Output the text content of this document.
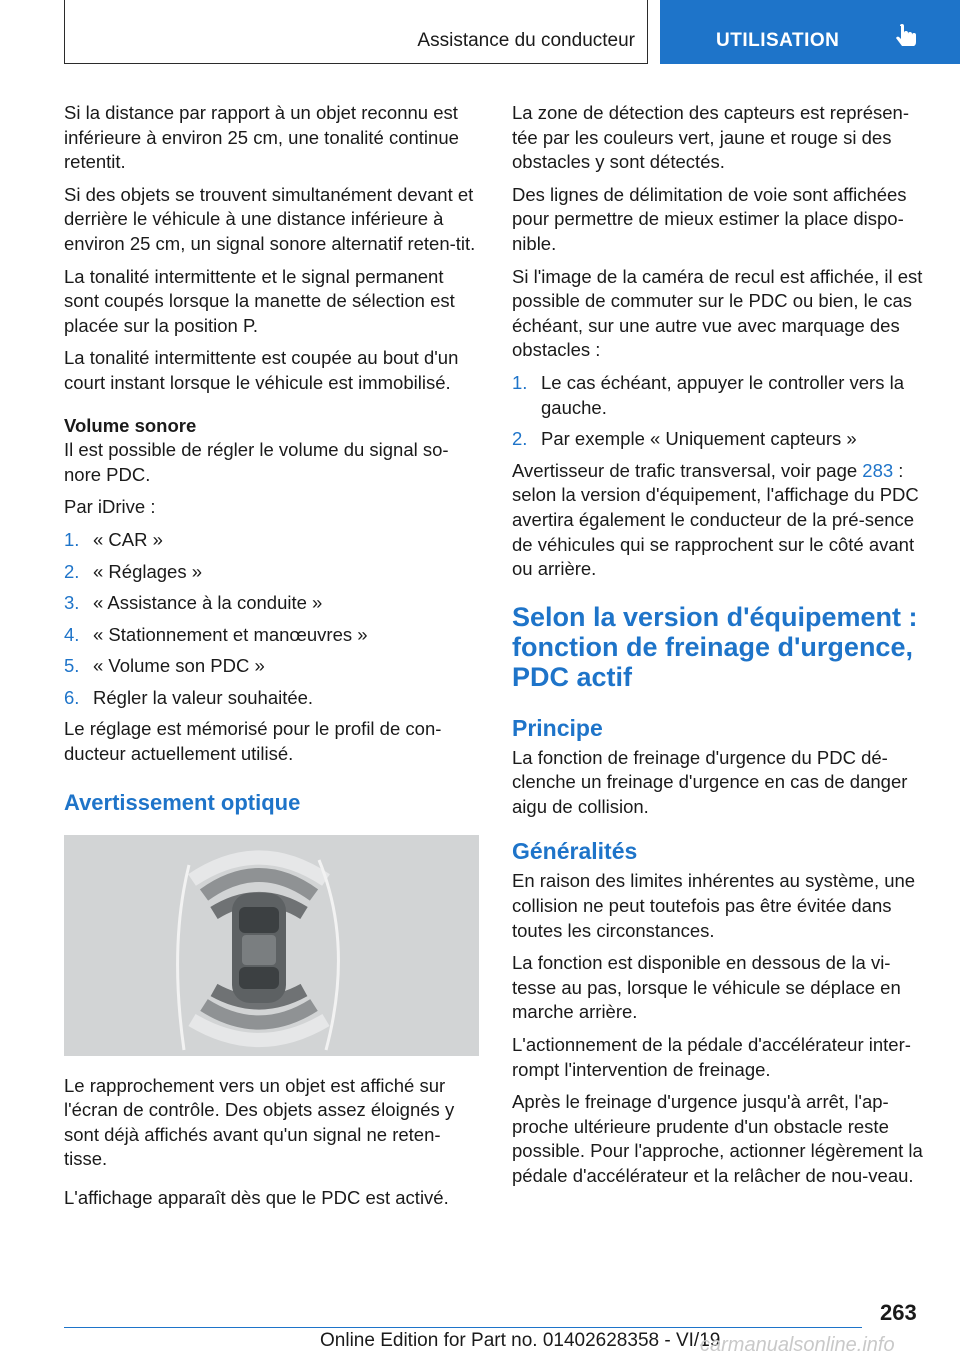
Assistance du conducteur	UTILISATION

Si la distance par rapport à un objet reconnu est inférieure à environ 25 cm, une tonalité continue retentit.

Si des objets se trouvent simultanément devant et derrière le véhicule à une distance inférieure à environ 25 cm, un signal sonore alternatif reten‐tit.

La tonalité intermittente et le signal permanent sont coupés lorsque la manette de sélection est placée sur la position P.

La tonalité intermittente est coupée au bout d'un court instant lorsque le véhicule est immobilisé.

Volume sonore

Il est possible de régler le volume du signal so‐nore PDC.

Par iDrive :

1. « CAR »
2. « Réglages »
3. « Assistance à la conduite »
4. « Stationnement et manœuvres »
5. « Volume son PDC »
6. Régler la valeur souhaitée.

Le réglage est mémorisé pour le profil de con‐ducteur actuellement utilisé.

Avertissement optique

Le rapprochement vers un objet est affiché sur l'écran de contrôle. Des objets assez éloignés y sont déjà affichés avant qu'un signal ne reten‐tisse.

L'affichage apparaît dès que le PDC est activé.

La zone de détection des capteurs est représen‐tée par les couleurs vert, jaune et rouge si des obstacles y sont détectés.

Des lignes de délimitation de voie sont affichées pour permettre de mieux estimer la place dispo‐nible.

Si l'image de la caméra de recul est affichée, il est possible de commuter sur le PDC ou bien, le cas échéant, sur une autre vue avec marquage des obstacles :

1. Le cas échéant, appuyer le controller vers la gauche.
2. Par exemple « Uniquement capteurs »

Avertisseur de trafic transversal, voir page 283 : selon la version d'équipement, l'affichage du PDC avertira également le conducteur de la pré‐sence de véhicules qui se rapprochent sur le côté avant ou arrière.

Selon la version d'équipement : fonction de freinage d'urgence, PDC actif
Principe

La fonction de freinage d'urgence du PDC dé‐clenche un freinage d'urgence en cas de danger aigu de collision.

Généralités

En raison des limites inhérentes au système, une collision ne peut toutefois pas être évitée dans toutes les circonstances.

La fonction est disponible en dessous de la vi‐tesse au pas, lorsque le véhicule se déplace en marche arrière.

L'actionnement de la pédale d'accélérateur inter‐rompt l'intervention de freinage.

Après le freinage d'urgence jusqu'à arrêt, l'ap‐proche ultérieure prudente d'un obstacle reste possible. Pour l'approche, actionner légèrement la pédale d'accélérateur et la relâcher de nou‐veau.

263
Online Edition for Part no. 01402628358 - VI/19
carmanualsonline.info
